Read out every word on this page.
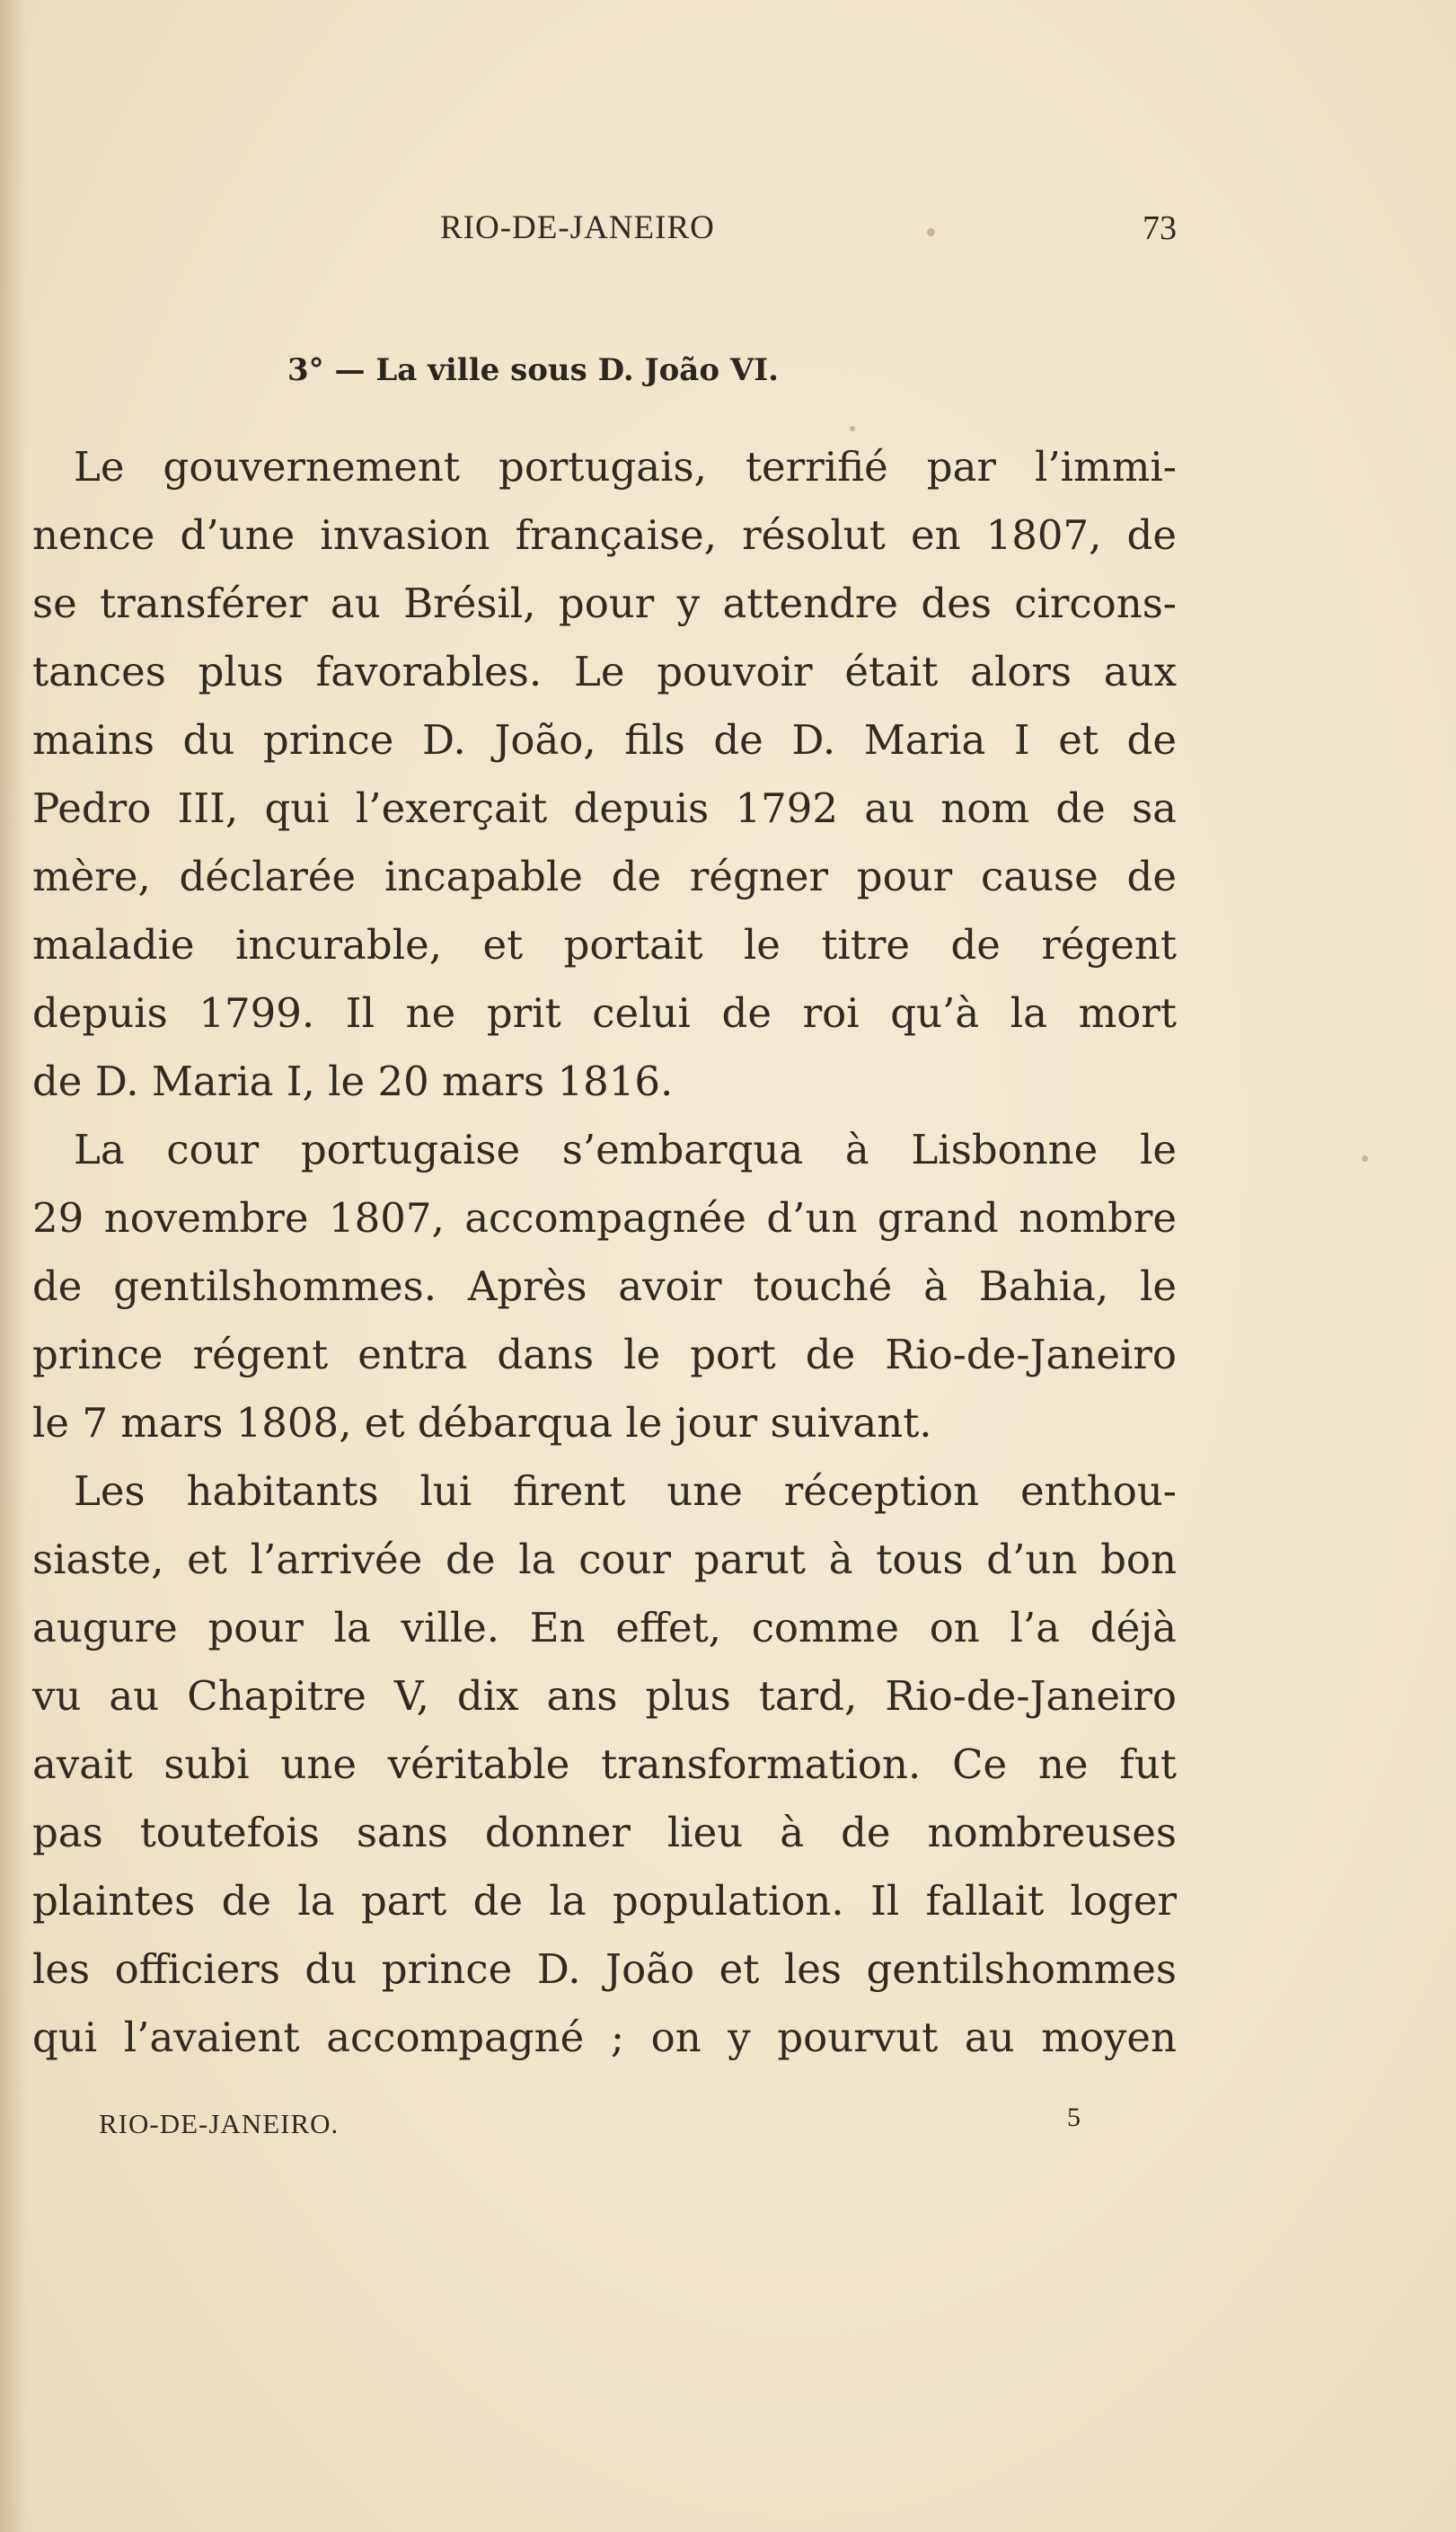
RIO-DE-JANEIRO	73
3° — La ville sous D. João VI.
Le gouvernement portugais, terrifié par l’immi-
nence d’une invasion française, résolut en 1807, de
se transférer au Brésil, pour y attendre des circons-
tances plus favorables. Le pouvoir était alors aux
mains du prince D. João, fils de D. Maria I et de
Pedro III, qui l’exerçait depuis 1792 au nom de sa
mère, déclarée incapable de régner pour cause de
maladie incurable, et portait le titre de régent
depuis 1799. Il ne prit celui de roi qu’à la mort
de D. Maria I, le 20 mars 1816.
La cour portugaise s’embarqua à Lisbonne le
29 novembre 1807, accompagnée d’un grand nombre
de gentilshommes. Après avoir touché à Bahia, le
prince régent entra dans le port de Rio-de-Janeiro
le 7 mars 1808, et débarqua le jour suivant.
Les habitants lui firent une réception enthou-
siaste, et l’arrivée de la cour parut à tous d’un bon
augure pour la ville. En effet, comme on l’a déjà
vu au Chapitre V, dix ans plus tard, Rio-de-Janeiro
avait subi une véritable transformation. Ce ne fut
pas toutefois sans donner lieu à de nombreuses
plaintes de la part de la population. Il fallait loger
les officiers du prince D. João et les gentilshommes
qui l’avaient accompagné ; on y pourvut au moyen
RIO-DE-JANEIRO.	5
